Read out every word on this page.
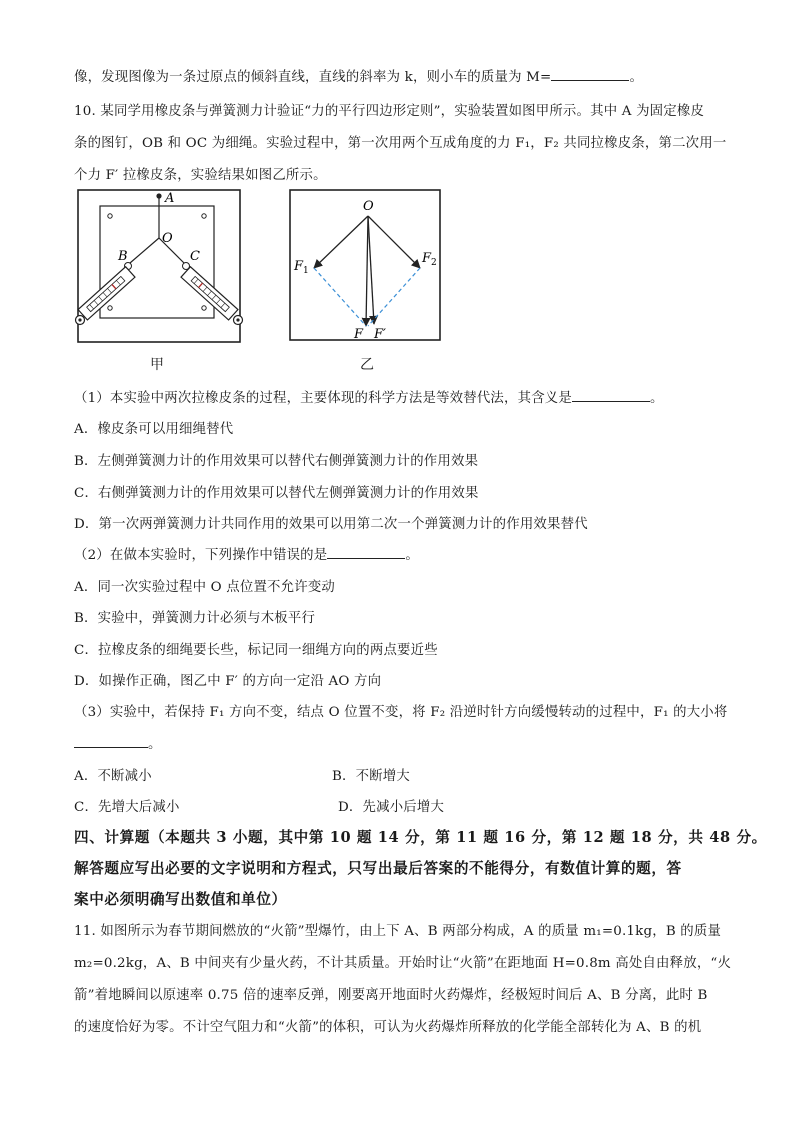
像，发现图像为一条过原点的倾斜直线，直线的斜率为 k，则小车的质量为 M=	。
10. 某同学用橡皮条与弹簧测力计验证“力的平行四边形定则”，实验装置如图甲所示。其中 A 为固定橡皮
条的图钉，OB 和 OC 为细绳。实验过程中，第一次用两个互成角度的力 F₁，F₂ 共同拉橡皮条，第二次用一
个力 F′ 拉橡皮条，实验结果如图乙所示。
A
O
B	C
甲
O
$F_1$
$F_2$
F F′
乙
（1）本实验中两次拉橡皮条的过程，主要体现的科学方法是等效替代法，其含义是	。
A．橡皮条可以用细绳替代
B．左侧弹簧测力计的作用效果可以替代右侧弹簧测力计的作用效果
C．右侧弹簧测力计的作用效果可以替代左侧弹簧测力计的作用效果
D．第一次两弹簧测力计共同作用的效果可以用第二次一个弹簧测力计的作用效果替代
（2）在做本实验时，下列操作中错误的是	。
A．同一次实验过程中 O 点位置不允许变动
B．实验中，弹簧测力计必须与木板平行
C．拉橡皮条的细绳要长些，标记同一细绳方向的两点要近些
D．如操作正确，图乙中 F′ 的方向一定沿 AO 方向
（3）实验中，若保持 F₁ 方向不变，结点 O 位置不变，将 F₂ 沿逆时针方向缓慢转动的过程中，F₁ 的大小将
。
A．不断减小	B．不断增大
C．先增大后减小	D．先减小后增大
四、计算题（本题共 3 小题，其中第 10 题 14 分，第 11 题 16 分，第 12 题 18 分，共 48 分。
解答题应写出必要的文字说明和方程式，只写出最后答案的不能得分，有数值计算的题，答
案中必须明确写出数值和单位）
11. 如图所示为春节期间燃放的“火箭”型爆竹，由上下 A、B 两部分构成，A 的质量 m₁=0.1kg，B 的质量
m₂=0.2kg，A、B 中间夹有少量火药，不计其质量。开始时让“火箭”在距地面 H=0.8m 高处自由释放，“火
箭”着地瞬间以原速率 0.75 倍的速率反弹，刚要离开地面时火药爆炸，经极短时间后 A、B 分离，此时 B
的速度恰好为零。不计空气阻力和“火箭”的体积，可认为火药爆炸所释放的化学能全部转化为 A、B 的机
